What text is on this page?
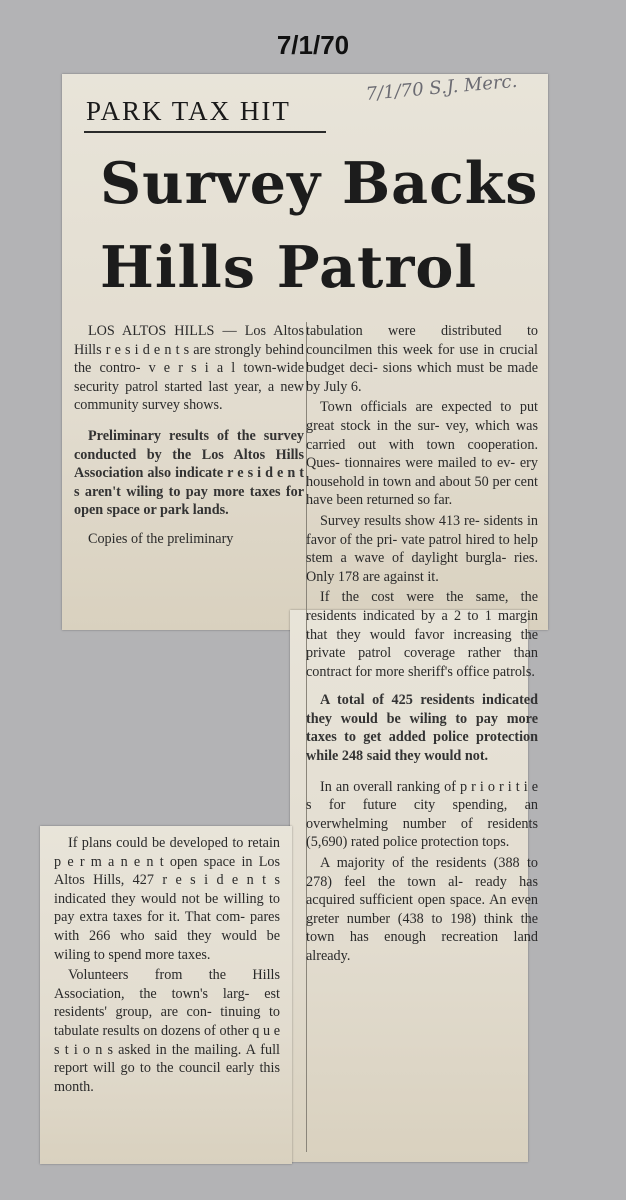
7/1/70
PARK TAX HIT
7/1/70 S.J. Merc.
Survey Backs Hills Patrol

LOS ALTOS HILLS — Los Altos Hills r e s i d e n t s are strongly behind the contro- v e r s i a l town-wide security patrol started last year, a new community survey shows.

Preliminary results of the survey conducted by the Los Altos Hills Association also indicate r e s i d e n t s aren't wiling to pay more taxes for open space or park lands.

Copies of the preliminary

tabulation were distributed to councilmen this week for use in crucial budget deci- sions which must be made by July 6.

Town officials are expected to put great stock in the sur- vey, which was carried out with town cooperation. Ques- tionnaires were mailed to ev- ery household in town and about 50 per cent have been returned so far.

Survey results show 413 re- sidents in favor of the pri- vate patrol hired to help stem a wave of daylight burgla- ries. Only 178 are against it.

If the cost were the same, the residents indicated by a 2 to 1 margin that they would favor increasing the private patrol coverage rather than contract for more sheriff's office patrols.

A total of 425 residents indicated they would be wiling to pay more taxes to get added police protection while 248 said they would not.

In an overall ranking of p r i o r i t i e s for future city spending, an overwhelming number of residents (5,690) rated police protection tops.

A majority of the residents (388 to 278) feel the town al- ready has acquired sufficient open space. An even greter number (438 to 198) think the town has enough recreation land already.

If plans could be developed to retain p e r m a n e n t open space in Los Altos Hills, 427 r e s i d e n t s indicated they would not be willing to pay extra taxes for it. That com- pares with 266 who said they would be wiling to spend more taxes.

Volunteers from the Hills Association, the town's larg- est residents' group, are con- tinuing to tabulate results on dozens of other q u e s t i o n s asked in the mailing. A full report will go to the council early this month.
